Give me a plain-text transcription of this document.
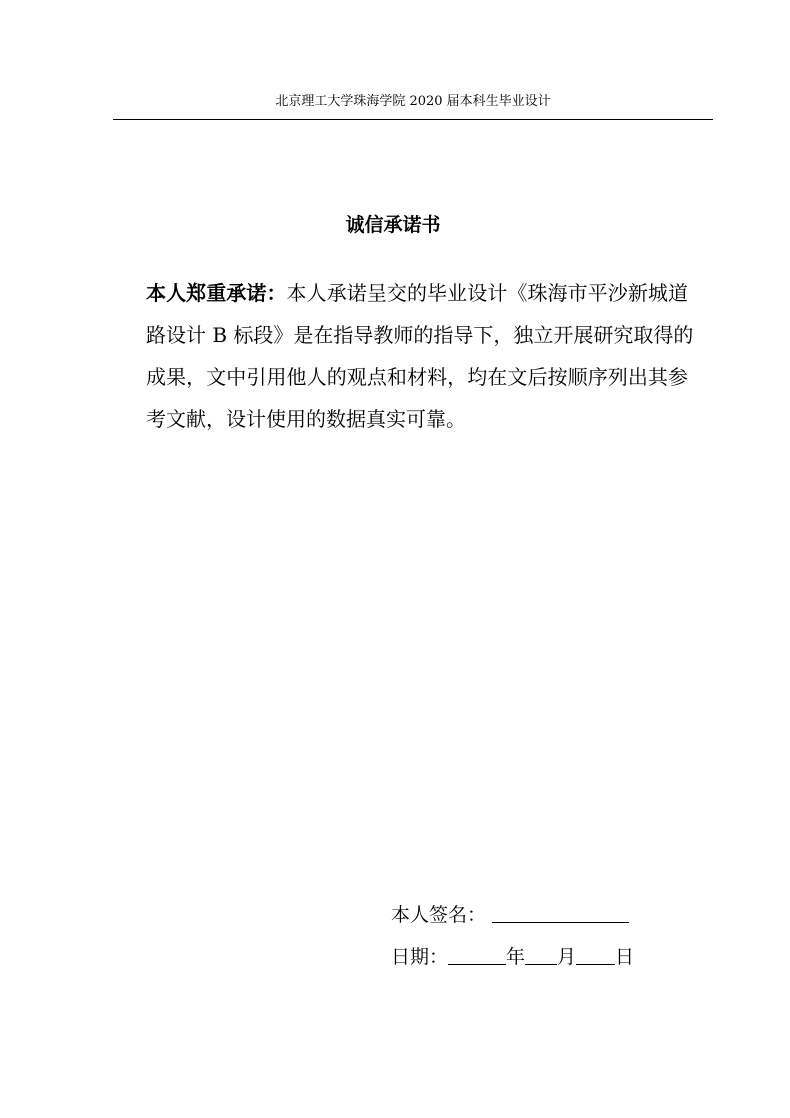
北京理工大学珠海学院 2020 届本科生毕业设计
诚信承诺书
本人郑重承诺：本人承诺呈交的毕业设计《珠海市平沙新城道
路设计 B 标段》是在指导教师的指导下，独立开展研究取得的
成果，文中引用他人的观点和材料，均在文后按顺序列出其参
考文献，设计使用的数据真实可靠。
本人签名：
日期：	年 月 日
